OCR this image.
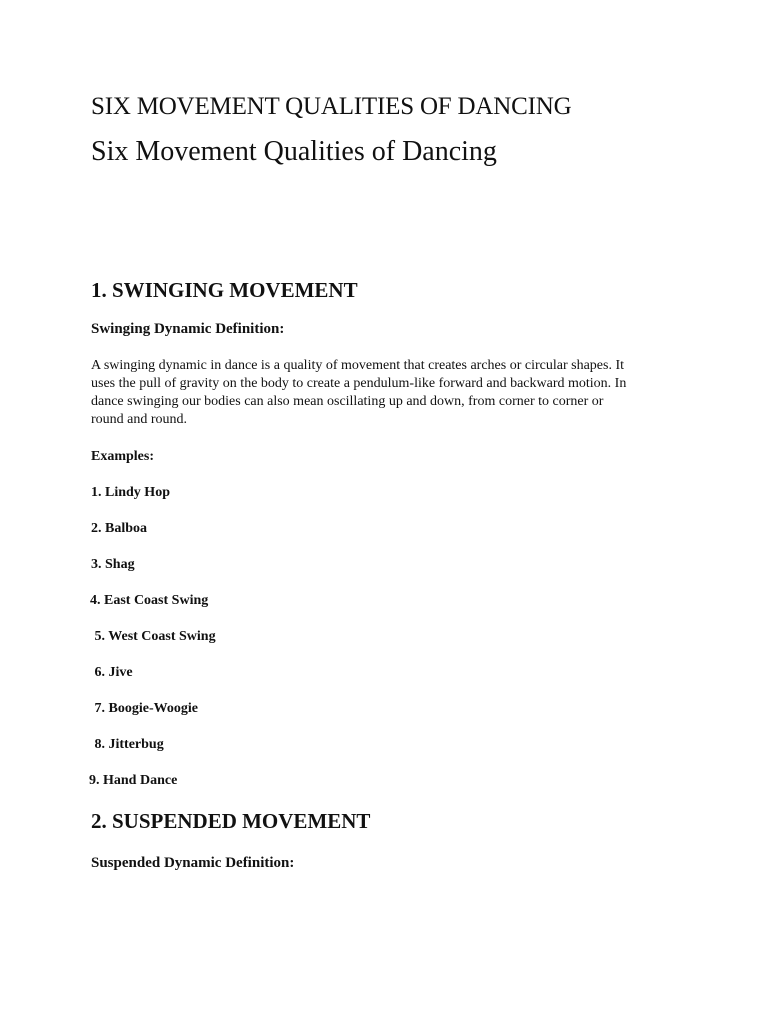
SIX MOVEMENT QUALITIES OF DANCING
Six Movement Qualities of Dancing
1. SWINGING MOVEMENT
Swinging Dynamic Definition:

A swinging dynamic in dance is a quality of movement that creates arches or circular shapes. It
uses the pull of gravity on the body to create a pendulum-like forward and backward motion. In
dance swinging our bodies can also mean oscillating up and down, from corner to corner or
round and round.

Examples:
1. Lindy Hop
2. Balboa
3. Shag
4. East Coast Swing
5. West Coast Swing
6. Jive
7. Boogie-Woogie
8. Jitterbug
9. Hand Dance
2. SUSPENDED MOVEMENT
Suspended Dynamic Definition:
